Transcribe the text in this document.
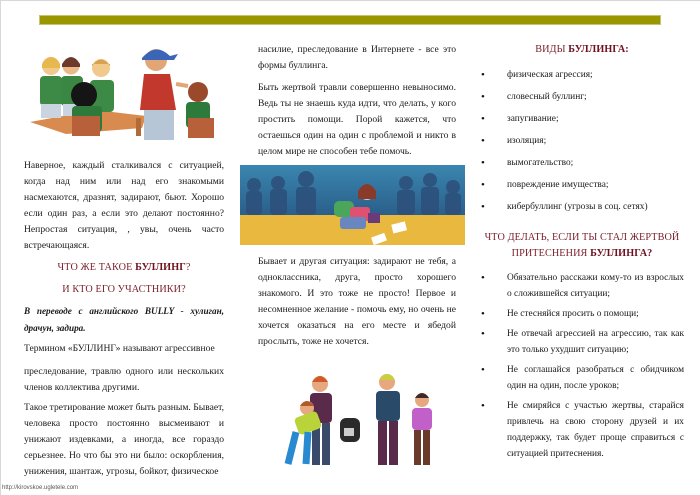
Наверное, каждый сталкивался с ситуацией, когда над ним или над его знакомыми насмехаются, дразнят, задирают, бьют. Хорошо если один раз, а если это делают постоянно? Непростая ситуация, , увы, очень часто встречающаяся.

ЧТО ЖЕ ТАКОЕ БУЛЛИНГ?
И КТО ЕГО УЧАСТНИКИ?

В переводе с английского BULLY - хулиган, драчун, задира.

Термином «БУЛЛИНГ» называют агрессивное

преследование, травлю одного или нескольких членов коллектива другими.

Такое третирование может быть разным. Бывает, человека просто постоянно высмеивают и унижают издевками, а иногда, все гораздо серьезнее. Но что бы это ни было: оскорбления, унижения, шантаж, угрозы, бойкот, физическое

насилие, преследование в Интернете - все это формы буллинга.

Быть жертвой травли совершенно невыносимо. Ведь ты не знаешь куда идти, что делать, у кого простить помощи. Порой кажется, что остаешься один на один с проблемой и никто в целом мире не способен тебе помочь.

Бывает и другая ситуация: задирают не тебя, а одноклассника, друга, просто хорошего знакомого. И это тоже не просто! Первое и несомненное желание - помочь ему, но очень не хочется оказаться на его месте и ябедой прослыть, тоже не хочется.

ВИДЫ БУЛЛИНГА:
• физическая агрессия;
• словесный буллинг;
• запугивание;
• изоляция;
• вымогательство;
• повреждение имущества;
• кибербуллинг (угрозы в соц. сетях)
ЧТО ДЕЛАТЬ, ЕСЛИ ТЫ СТАЛ ЖЕРТВОЙ
ПРИТЕСНЕНИЯ БУЛЛИНГА?
• Обязательно расскажи кому-то из взрослых о сложившейся ситуации;
• Не стесняйся просить о помощи;
• Не отвечай агрессией на агрессию, так как это только ухудшит ситуацию;
• Не соглашайся разобраться с обидчиком один на один, после уроков;
• Не смиряйся с участью жертвы, старайся привлечь на свою сторону друзей и их поддержку, так будет проще справиться с ситуацией притеснения.
http://kirovskoe.ugletele.com
